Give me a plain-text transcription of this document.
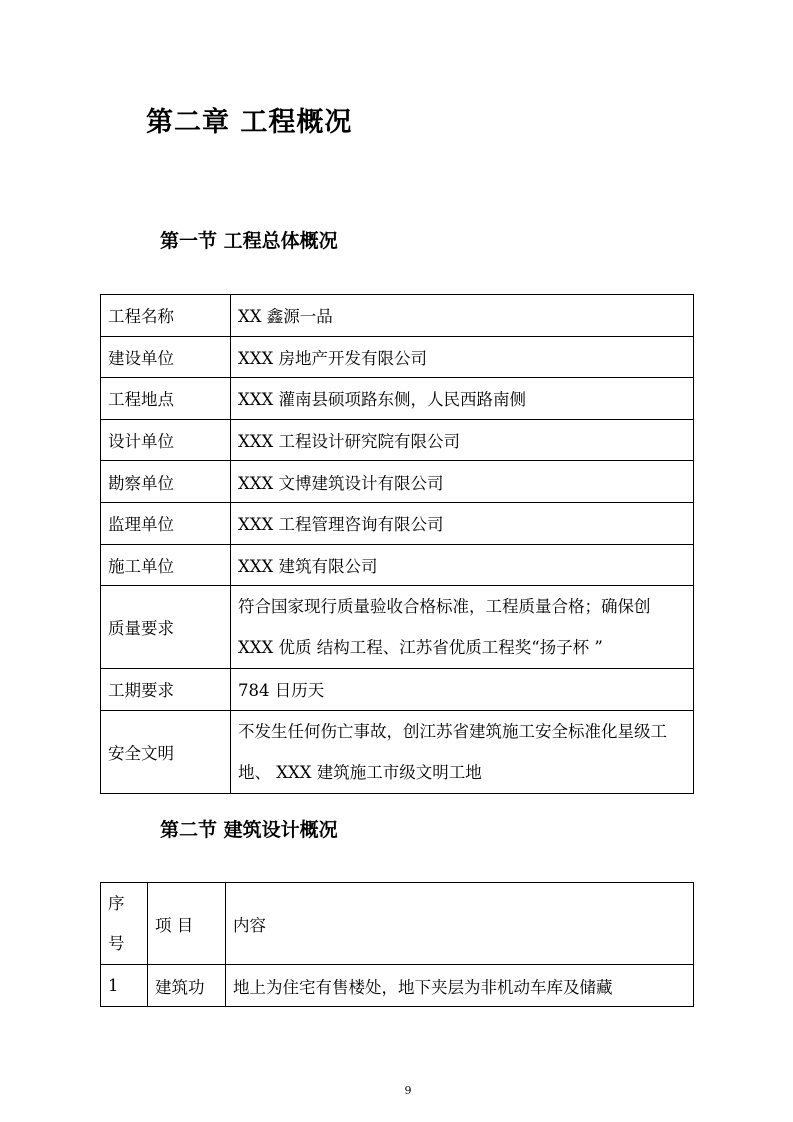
第二章 工程概况
第一节 工程总体概况
工程名称	XX 鑫源一品
建设单位	XXX 房地产开发有限公司
工程地点	XXX 灌南县硕项路东侧，人民西路南侧
设计单位	XXX 工程设计研究院有限公司
勘察单位	XXX 文博建筑设计有限公司
监理单位	XXX 工程管理咨询有限公司
施工单位	XXX 建筑有限公司
质量要求	符合国家现行质量验收合格标准，工程质量合格；确保创 XXX 优质 结构工程、江苏省优质工程奖“扬子杯 ”
工期要求	784 日历天
安全文明	不发生任何伤亡事故，创江苏省建筑施工安全标准化星级工地、 XXX 建筑施工市级文明工地
第二节 建筑设计概况
序号	项 目	内容
1	建筑功	地上为住宅有售楼处，地下夹层为非机动车库及储藏
9
